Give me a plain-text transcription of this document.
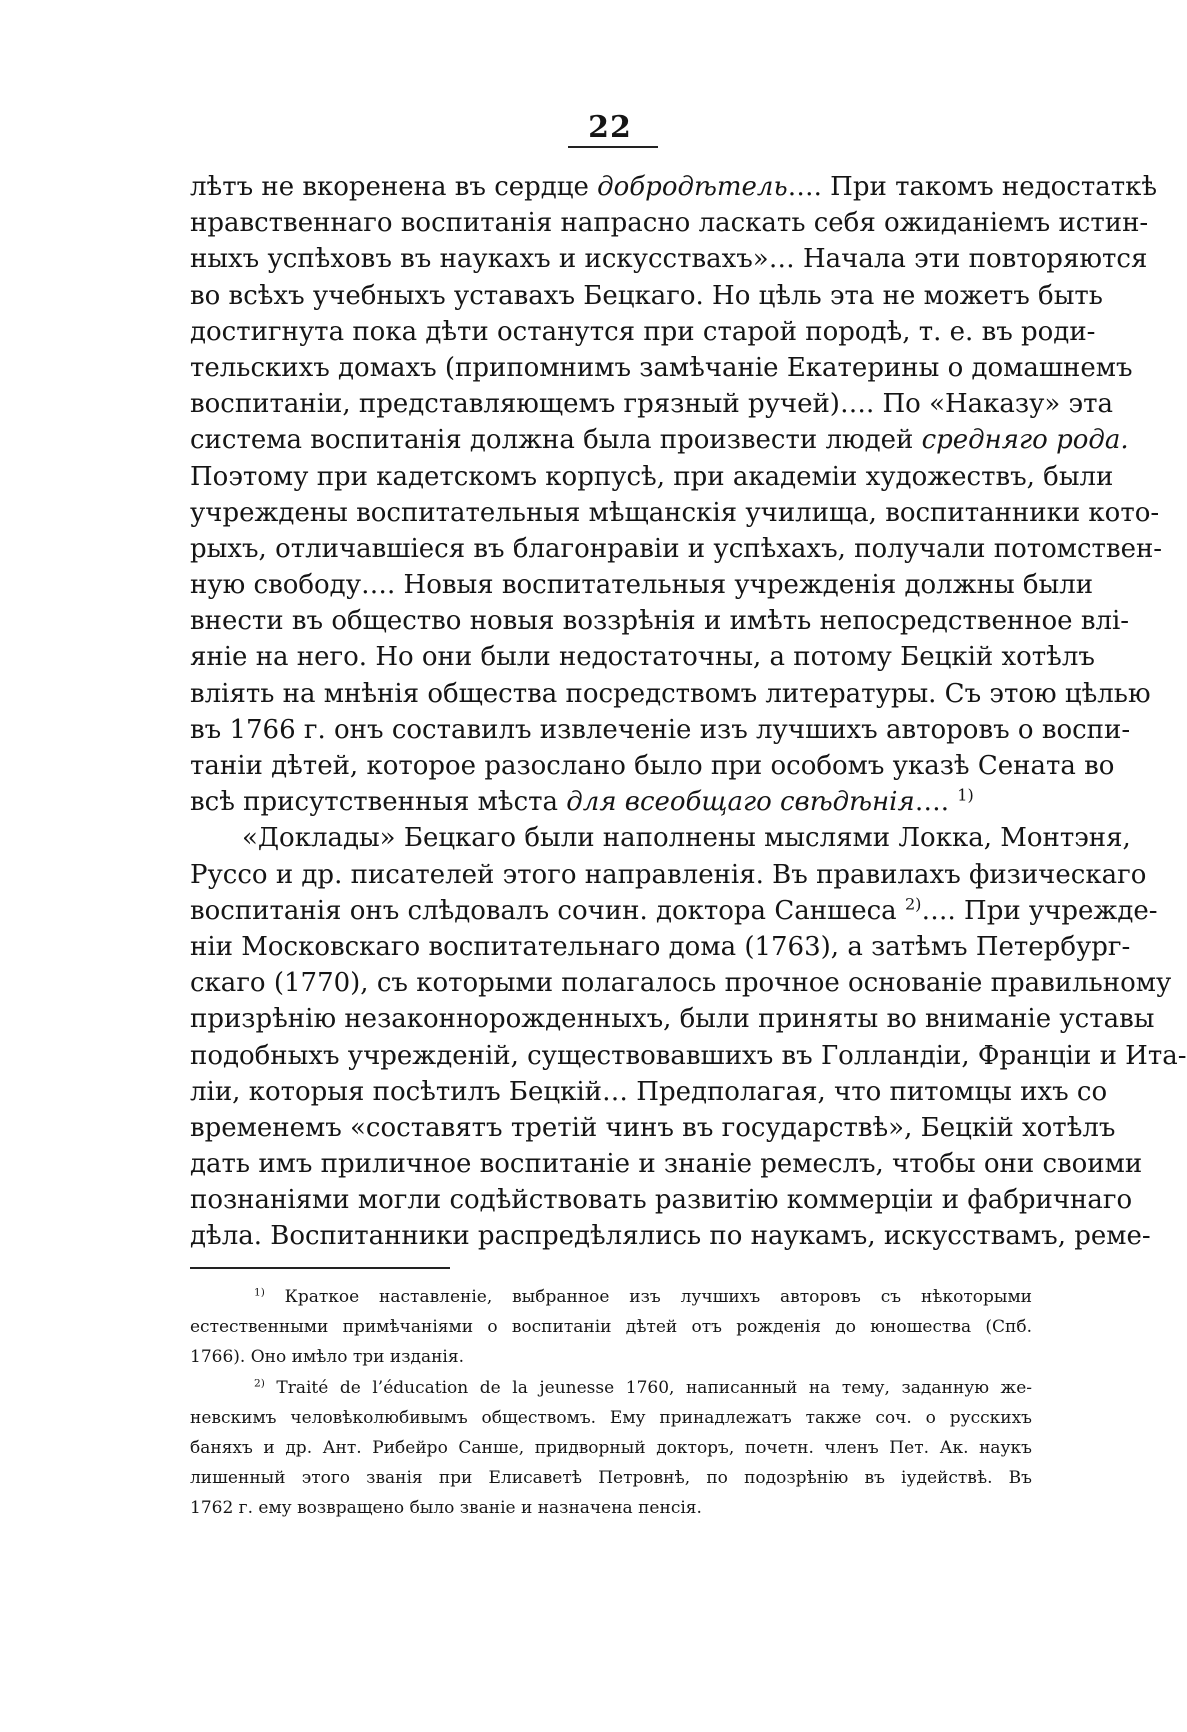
22
лѣтъ не вкоренена въ сердце добродѣтель…. При такомъ недостаткѣ
нравственнаго воспитанія напрасно ласкать себя ожиданіемъ истин-
ныхъ успѣховъ въ наукахъ и искусствахъ»… Начала эти повторяются
во всѣхъ учебныхъ уставахъ Бецкаго. Но цѣль эта не можетъ быть
достигнута пока дѣти останутся при старой породѣ, т. е. въ роди-
тельскихъ домахъ (припомнимъ замѣчаніе Екатерины о домашнемъ
воспитаніи, представляющемъ грязный ручей)…. По «Наказу» эта
система воспитанія должна была произвести людей средняго рода.
Поэтому при кадетскомъ корпусѣ, при академіи художествъ, были
учреждены воспитательныя мѣщанскія училища, воспитанники кото-
рыхъ, отличавшіеся въ благонравіи и успѣхахъ, получали потомствен-
ную свободу…. Новыя воспитательныя учрежденія должны были
внести въ общество новыя воззрѣнія и имѣть непосредственное влі-
яніе на него. Но они были недостаточны, а потому Бецкій хотѣлъ
вліять на мнѣнія общества посредствомъ литературы. Съ этою цѣлью
въ 1766 г. онъ составилъ извлеченіе изъ лучшихъ авторовъ о воспи-
таніи дѣтей, которое разослано было при особомъ указѣ Сената во
всѣ присутственныя мѣста для всеобщаго свѣдѣнія…. $^{1)}$
«Доклады» Бецкаго были наполнены мыслями Локка, Монтэня,
Руссо и др. писателей этого направленія. Въ правилахъ физическаго
воспитанія онъ слѣдовалъ сочин. доктора Саншеса $^{2)}$…. При учрежде-
ніи Московскаго воспитательнаго дома (1763), а затѣмъ Петербург-
скаго (1770), съ которыми полагалось прочное основаніе правильному
призрѣнію незаконнорожденныхъ, были приняты во вниманіе уставы
подобныхъ учрежденій, существовавшихъ въ Голландіи, Франціи и Ита-
ліи, которыя посѣтилъ Бецкій… Предполагая, что питомцы ихъ со
временемъ «составятъ третій чинъ въ государствѣ», Бецкій хотѣлъ
дать имъ приличное воспитаніе и знаніе ремеслъ, чтобы они своими
познаніями могли содѣйствовать развитію коммерціи и фабричнаго
дѣла. Воспитанники распредѣлялись по наукамъ, искусствамъ, реме-
$^{1)}$ Краткое наставленіе, выбранное изъ лучшихъ авторовъ съ нѣкоторыми
естественными примѣчаніями о воспитаніи дѣтей отъ рожденія до юношества (Спб.
1766). Оно имѣло три изданія.
$^{2)}$ Traité de l’éducation de la jeunesse 1760, написанный на тему, заданную же-
невскимъ человѣколюбивымъ обществомъ. Ему принадлежатъ также соч. о русскихъ
баняхъ и др. Ант. Рибейро Санше, придворный докторъ, почетн. членъ Пет. Ак. наукъ
лишенный этого званія при Елисаветѣ Петровнѣ, по подозрѣнію въ іудействѣ. Въ
1762 г. ему возвращено было званіе и назначена пенсія.
